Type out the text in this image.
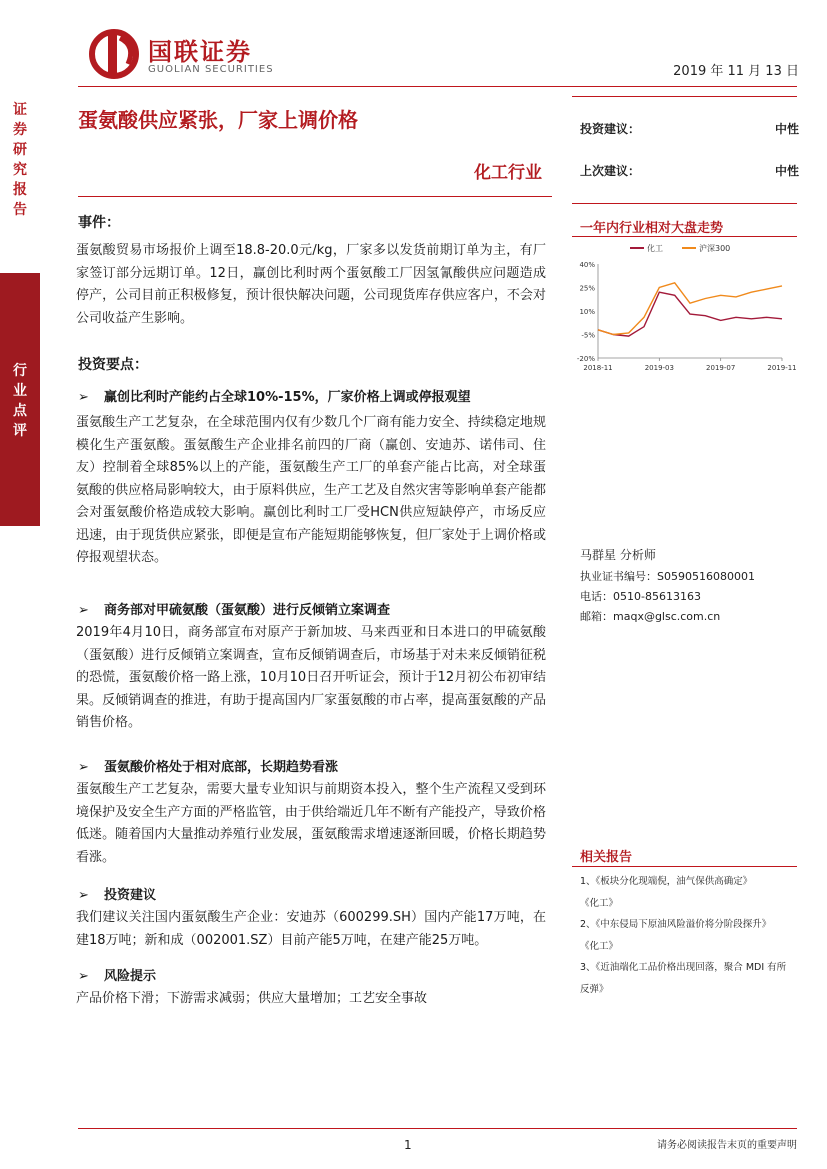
国联证券
GUOLIAN SECURITIES	2019 年 11 月 13 日
证券研究报告
行业点评
蛋氨酸供应紧张，厂家上调价格
化工行业
投资建议：	中性
上次建议：	中性
一年内行业相对大盘走势
40%
25%
10%
-5%
-20%
2018-11	2019-03	2019-07	2019-11
化工	沪深300
事件：
蛋氨酸贸易市场报价上调至18.8-20.0元/kg，厂家多以发货前期订单为主，有厂家签订部分远期订单。12日，赢创比利时两个蛋氨酸工厂因氢氰酸供应问题造成停产，公司目前正积极修复，预计很快解决问题，公司现货库存供应客户，不会对公司收益产生影响。
投资要点：
➢ 赢创比利时产能约占全球10%-15%，厂家价格上调或停报观望
蛋氨酸生产工艺复杂，在全球范围内仅有少数几个厂商有能力安全、持续稳定地规模化生产蛋氨酸。蛋氨酸生产企业排名前四的厂商（赢创、安迪苏、诺伟司、住友）控制着全球85%以上的产能，蛋氨酸生产工厂的单套产能占比高，对全球蛋氨酸的供应格局影响较大，由于原料供应，生产工艺及自然灾害等影响单套产能都会对蛋氨酸价格造成较大影响。赢创比利时工厂受HCN供应短缺停产，市场反应迅速，由于现货供应紧张，即便是宣布产能短期能够恢复，但厂家处于上调价格或停报观望状态。
➢ 商务部对甲硫氨酸（蛋氨酸）进行反倾销立案调查
2019年4月10日，商务部宣布对原产于新加坡、马来西亚和日本进口的甲硫氨酸（蛋氨酸）进行反倾销立案调查，宣布反倾销调查后，市场基于对未来反倾销征税的恐慌，蛋氨酸价格一路上涨，10月10日召开听证会，预计于12月初公布初审结果。反倾销调查的推进，有助于提高国内厂家蛋氨酸的市占率，提高蛋氨酸的产品销售价格。
➢ 蛋氨酸价格处于相对底部，长期趋势看涨
蛋氨酸生产工艺复杂，需要大量专业知识与前期资本投入，整个生产流程又受到环境保护及安全生产方面的严格监管，由于供给端近几年不断有产能投产，导致价格低迷。随着国内大量推动养殖行业发展，蛋氨酸需求增速逐渐回暖，价格长期趋势看涨。
➢ 投资建议
我们建议关注国内蛋氨酸生产企业：安迪苏（600299.SH）国内产能17万吨，在建18万吨；新和成（002001.SZ）目前产能5万吨，在建产能25万吨。
➢ 风险提示
产品价格下滑；下游需求减弱；供应大量增加；工艺安全事故
马群星 分析师
执业证书编号：S0590516080001
电话：0510-85613163
邮箱：maqx@glsc.com.cn
相关报告
1、《板块分化现端倪，油气保供高确定》
《化工》
2、《中东侵局下原油风险溢价将分阶段探升》
《化工》
3、《近油端化工品价格出现回落，聚合 MDI 有所
反弹》
1	请务必阅读报告末页的重要声明
